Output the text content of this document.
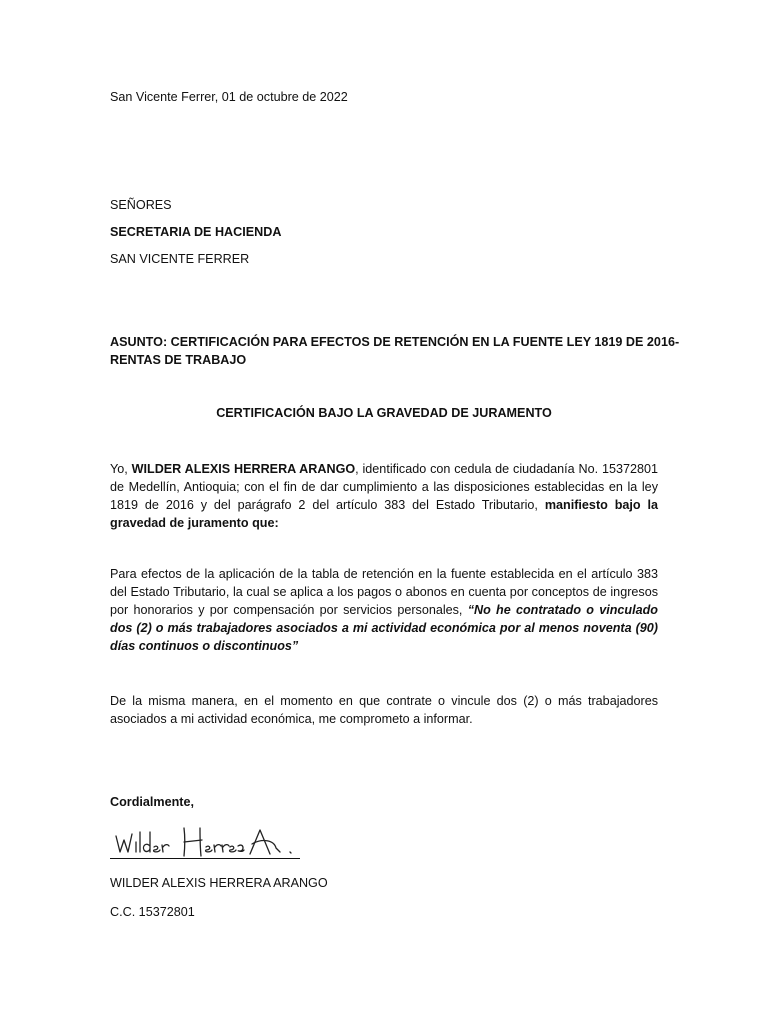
San Vicente Ferrer, 01 de octubre de 2022
SEÑORES
SECRETARIA DE HACIENDA
SAN VICENTE FERRER
ASUNTO: CERTIFICACIÓN PARA EFECTOS DE RETENCIÓN EN LA FUENTE LEY 1819 DE 2016-
RENTAS DE TRABAJO
CERTIFICACIÓN BAJO LA GRAVEDAD DE JURAMENTO
Yo, WILDER ALEXIS HERRERA ARANGO, identificado con cedula de ciudadanía No. 15372801 de Medellín, Antioquia; con el fin de dar cumplimiento a las disposiciones establecidas en la ley 1819 de 2016 y del parágrafo 2 del artículo 383 del Estado Tributario, manifiesto bajo la gravedad de juramento que:
Para efectos de la aplicación de la tabla de retención en la fuente establecida en el artículo 383 del Estado Tributario, la cual se aplica a los pagos o abonos en cuenta por conceptos de ingresos por honorarios y por compensación por servicios personales, “No he contratado o vinculado dos (2) o más trabajadores asociados a mi actividad económica por al menos noventa (90) días continuos o discontinuos”
De la misma manera, en el momento en que contrate o vincule dos (2) o más trabajadores asociados a mi actividad económica, me comprometo a informar.
Cordialmente,
WILDER ALEXIS HERRERA ARANGO
C.C. 15372801
